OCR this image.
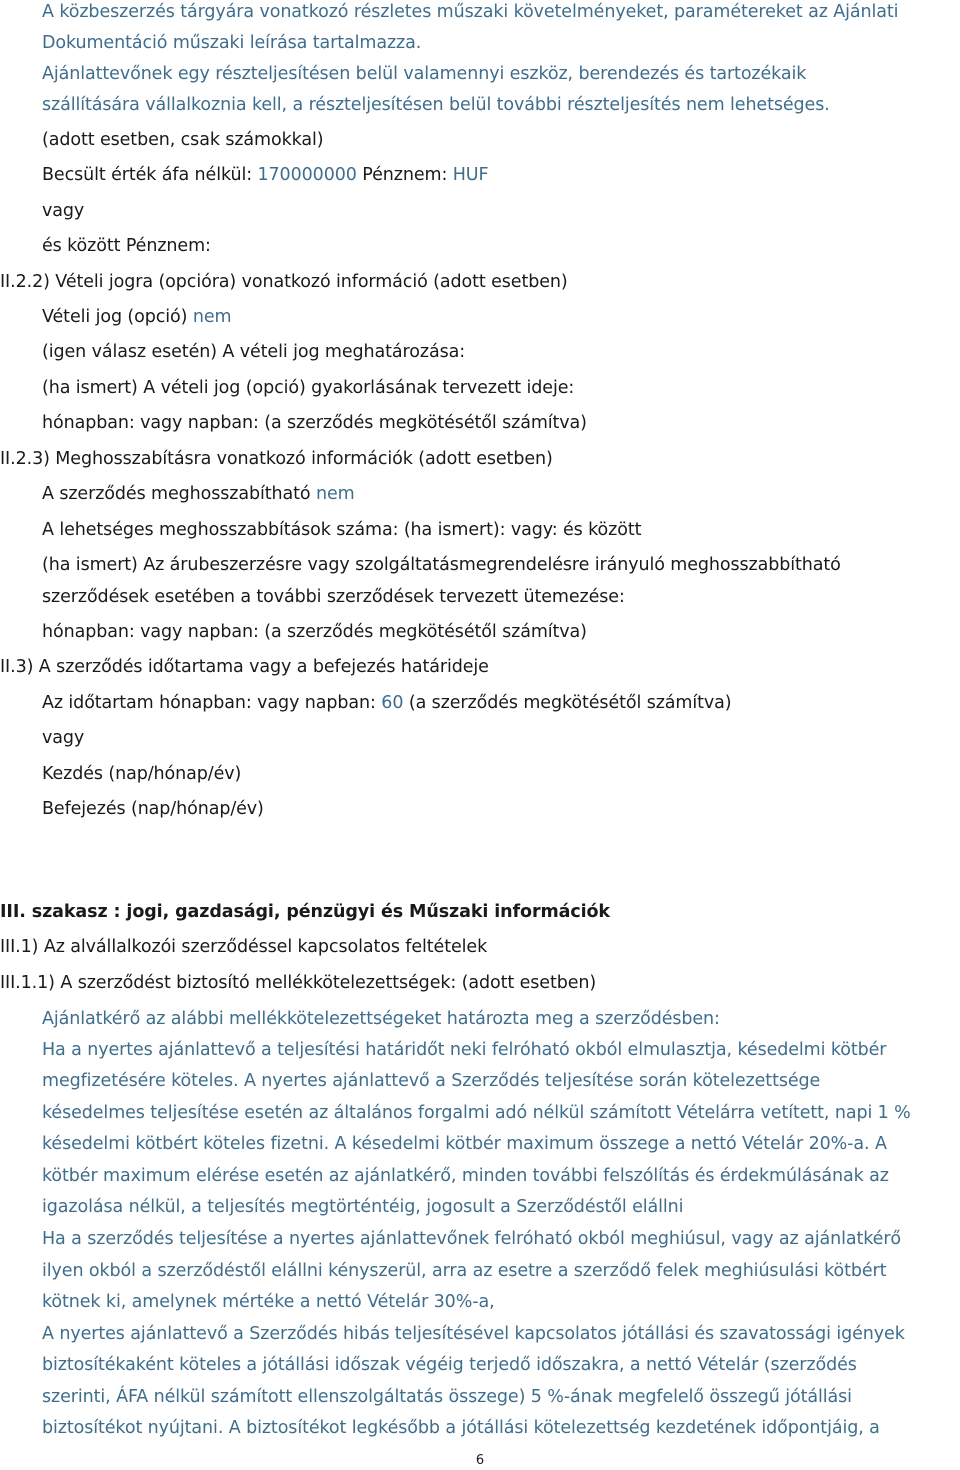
A közbeszerzés tárgyára vonatkozó részletes műszaki követelményeket, paramétereket az Ajánlati
Dokumentáció műszaki leírása tartalmazza.
Ajánlattevőnek egy részteljesítésen belül valamennyi eszköz, berendezés és tartozékaik
szállítására vállalkoznia kell, a részteljesítésen belül további részteljesítés nem lehetséges.
(adott esetben, csak számokkal)
Becsült érték áfa nélkül: 170000000 Pénznem: HUF
vagy
és között Pénznem:
II.2.2) Vételi jogra (opcióra) vonatkozó információ (adott esetben)
Vételi jog (opció) nem
(igen válasz esetén) A vételi jog meghatározása:
(ha ismert) A vételi jog (opció) gyakorlásának tervezett ideje:
hónapban: vagy napban: (a szerződés megkötésétől számítva)
II.2.3) Meghosszabításra vonatkozó információk (adott esetben)
A szerződés meghosszabítható nem
A lehetséges meghosszabbítások száma: (ha ismert): vagy: és között
(ha ismert) Az árubeszerzésre vagy szolgáltatásmegrendelésre irányuló meghosszabbítható
szerződések esetében a további szerződések tervezett ütemezése:
hónapban: vagy napban: (a szerződés megkötésétől számítva)
II.3) A szerződés időtartama vagy a befejezés határideje
Az időtartam hónapban: vagy napban: 60 (a szerződés megkötésétől számítva)
vagy
Kezdés (nap/hónap/év)
Befejezés (nap/hónap/év)
III. szakasz : jogi, gazdasági, pénzügyi és Műszaki információk
III.1) Az alvállalkozói szerződéssel kapcsolatos feltételek
III.1.1) A szerződést biztosító mellékkötelezettségek: (adott esetben)
Ajánlatkérő az alábbi mellékkötelezettségeket határozta meg a szerződésben:
Ha a nyertes ajánlattevő a teljesítési határidőt neki felróható okból elmulasztja, késedelmi kötbér
megfizetésére köteles. A nyertes ajánlattevő a Szerződés teljesítése során kötelezettsége
késedelmes teljesítése esetén az általános forgalmi adó nélkül számított Vételárra vetített, napi 1 %
késedelmi kötbért köteles fizetni. A késedelmi kötbér maximum összege a nettó Vételár 20%-a. A
kötbér maximum elérése esetén az ajánlatkérő, minden további felszólítás és érdekmúlásának az
igazolása nélkül, a teljesítés megtörténtéig, jogosult a Szerződéstől elállni
Ha a szerződés teljesítése a nyertes ajánlattevőnek felróható okból meghiúsul, vagy az ajánlatkérő
ilyen okból a szerződéstől elállni kényszerül, arra az esetre a szerződő felek meghiúsulási kötbért
kötnek ki, amelynek mértéke a nettó Vételár 30%-a,
A nyertes ajánlattevő a Szerződés hibás teljesítésével kapcsolatos jótállási és szavatossági igények
biztosítékaként köteles a jótállási időszak végéig terjedő időszakra, a nettó Vételár (szerződés
szerinti, ÁFA nélkül számított ellenszolgáltatás összege) 5 %-ának megfelelő összegű jótállási
biztosítékot nyújtani. A biztosítékot legkésőbb a jótállási kötelezettség kezdetének időpontjáig, a
6
